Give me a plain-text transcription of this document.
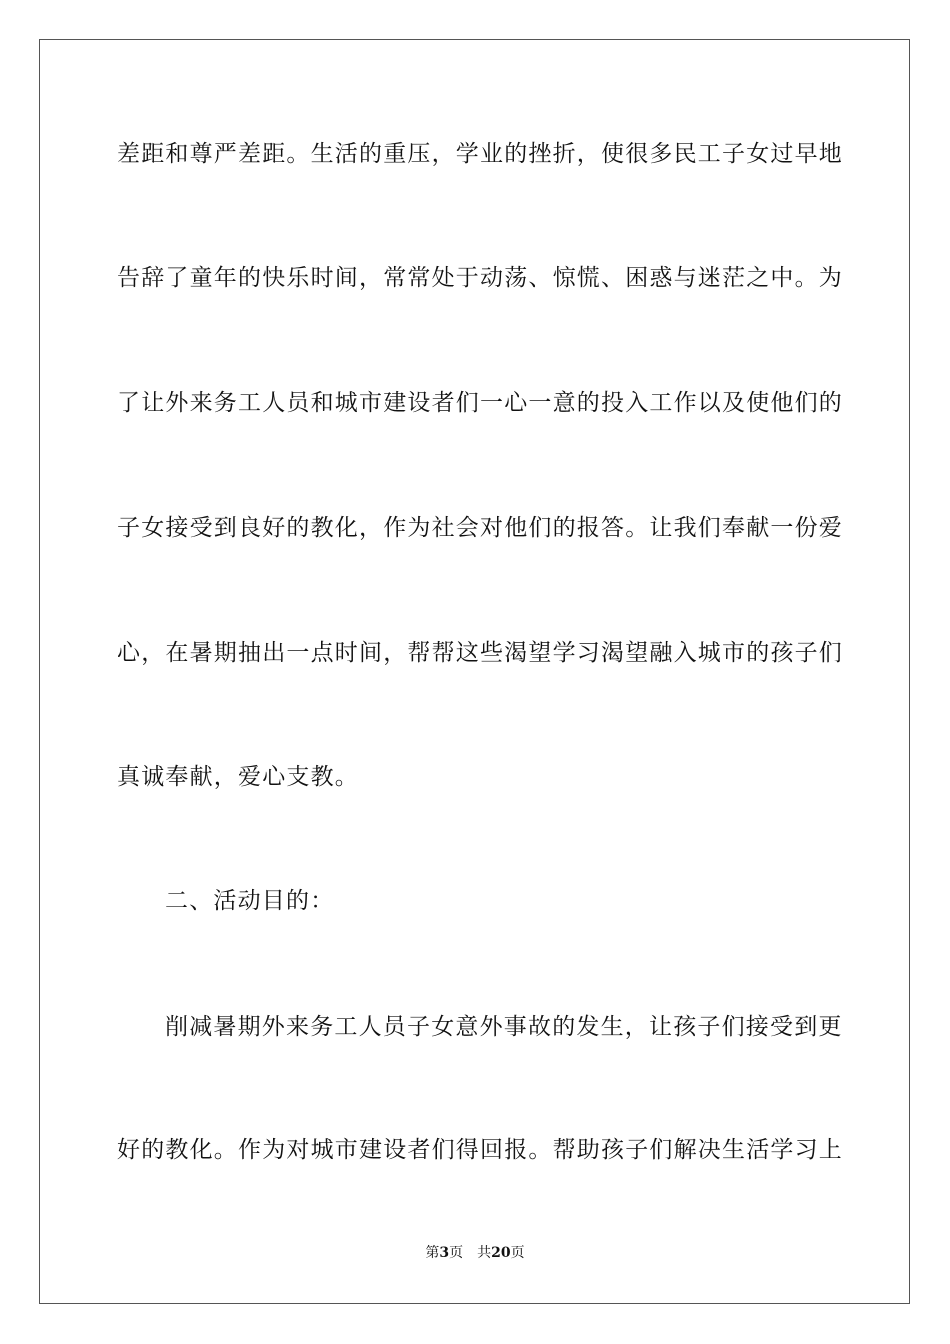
差距和尊严差距。生活的重压，学业的挫折，使很多民工子女过早地
告辞了童年的快乐时间，常常处于动荡、惊慌、困惑与迷茫之中。为
了让外来务工人员和城市建设者们一心一意的投入工作以及使他们的
子女接受到良好的教化，作为社会对他们的报答。让我们奉献一份爱
心，在暑期抽出一点时间，帮帮这些渴望学习渴望融入城市的孩子们
真诚奉献，爱心支教。
二、活动目的：
削减暑期外来务工人员子女意外事故的发生，让孩子们接受到更
好的教化。作为对城市建设者们得回报。帮助孩子们解决生活学习上
第3页 共20页
